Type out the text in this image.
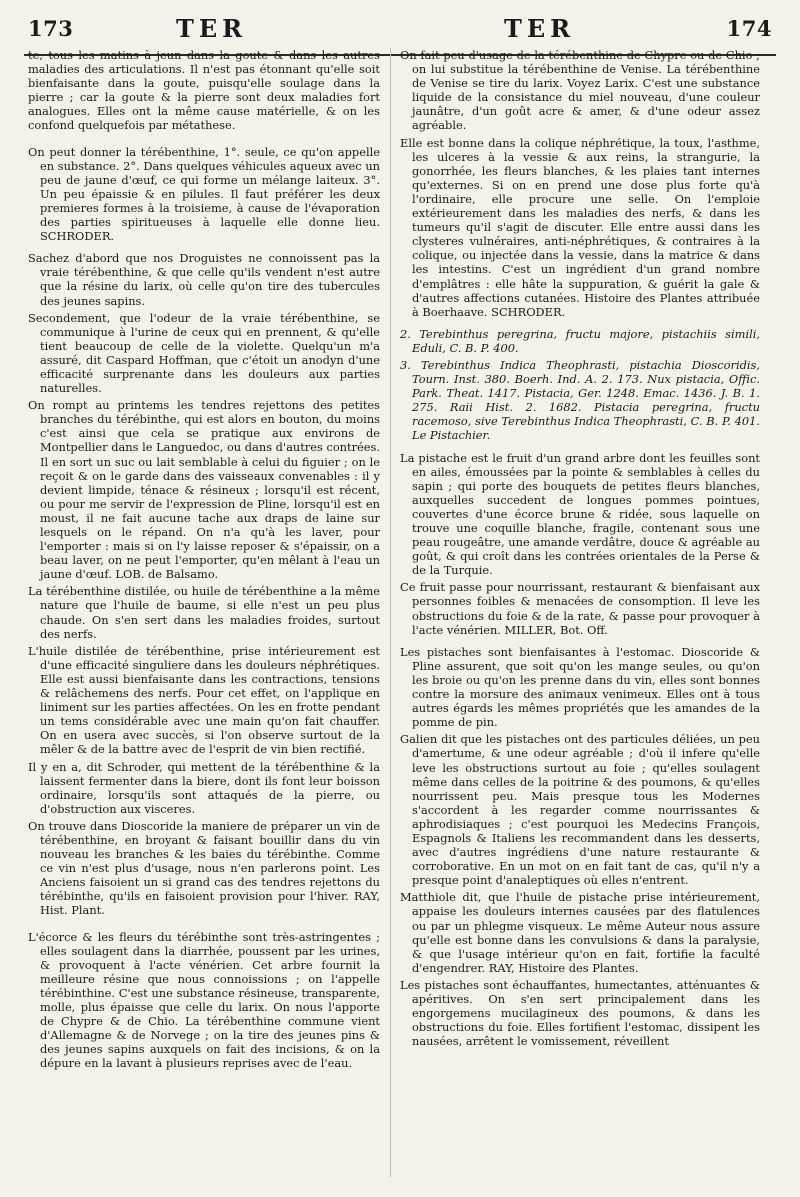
173	TER	TER	174

te, tous les matins à jeun dans la goute & dans les autres maladies des articulations. Il n'est pas étonnant qu'elle soit bienfaisante dans la goute, puisqu'elle soulage dans la pierre ; car la goute & la pierre sont deux maladies fort analogues. Elles ont la même cause matérielle, & on les confond quelquefois par métathese.

On peut donner la térébenthine, 1°. seule, ce qu'on appelle en substance. 2°. Dans quelques véhicules aqueux avec un peu de jaune d'œuf, ce qui forme un mélange laiteux. 3°. Un peu épaissie & en pilules. Il faut préférer les deux premieres formes à la troisieme, à cause de l'évaporation des parties spiritueuses à laquelle elle donne lieu. SCHRODER.

Sachez d'abord que nos Droguistes ne connoissent pas la vraie térébenthine, & que celle qu'ils vendent n'est autre que la résine du larix, où celle qu'on tire des tubercules des jeunes sapins.

Secondement, que l'odeur de la vraie térébenthine, se communique à l'urine de ceux qui en prennent, & qu'elle tient beaucoup de celle de la violette. Quelqu'un m'a assuré, dit Caspard Hoffman, que c'étoit un anodyn d'une efficacité surprenante dans les douleurs aux parties naturelles.

On rompt au printems les tendres rejettons des petites branches du térébinthe, qui est alors en bouton, du moins c'est ainsi que cela se pratique aux environs de Montpellier dans le Languedoc, ou dans d'autres contrées. Il en sort un suc ou lait semblable à celui du figuier ; on le reçoit & on le garde dans des vaisseaux convenables : il y devient limpide, ténace & résineux ; lorsqu'il est récent, ou pour me servir de l'expression de Pline, lorsqu'il est en moust, il ne fait aucune tache aux draps de laine sur lesquels on le répand. On n'a qu'à les laver, pour l'emporter : mais si on l'y laisse reposer & s'épaissir, on a beau laver, on ne peut l'emporter, qu'en mêlant à l'eau un jaune d'œuf. LOB. de Balsamo.

La térébenthine distilée, ou huile de térébenthine a la même nature que l'huile de baume, si elle n'est un peu plus chaude. On s'en sert dans les maladies froides, surtout des nerfs.

L'huile distilée de térébenthine, prise intérieurement est d'une efficacité singuliere dans les douleurs néphrétiques. Elle est aussi bienfaisante dans les contractions, tensions & relâchemens des nerfs. Pour cet effet, on l'applique en liniment sur les parties affectées. On les en frotte pendant un tems considérable avec une main qu'on fait chauffer. On en usera avec succès, si l'on observe surtout de la mêler & de la battre avec de l'esprit de vin bien rectifié.

Il y en a, dit Schroder, qui mettent de la térébenthine & la laissent fermenter dans la biere, dont ils font leur boisson ordinaire, lorsqu'ils sont attaqués de la pierre, ou d'obstruction aux visceres.

On trouve dans Dioscoride la maniere de préparer un vin de térébenthine, en broyant & faisant bouillir dans du vin nouveau les branches & les baies du térébinthe. Comme ce vin n'est plus d'usage, nous n'en parlerons point. Les Anciens faisoient un si grand cas des tendres rejettons du térébinthe, qu'ils en faisoient provision pour l'hiver. RAY, Hist. Plant.

L'écorce & les fleurs du térébinthe sont très-astringentes ; elles soulagent dans la diarrhée, poussent par les urines, & provoquent à l'acte vénérien. Cet arbre fournit la meilleure résine que nous connoissions ; on l'appelle térébinthine. C'est une substance résineuse, transparente, molle, plus épaisse que celle du larix. On nous l'apporte de Chypre & de Chio. La térébenthine commune vient d'Allemagne & de Norvege ; on la tire des jeunes pins & des jeunes sapins auxquels on fait des incisions, & on la dépure en la lavant à plusieurs reprises avec de l'eau.

On fait peu d'usage de la térébenthine de Chypre ou de Chio ; on lui substitue la térébenthine de Venise. La térébenthine de Venise se tire du larix. Voyez Larix. C'est une substance liquide de la consistance du miel nouveau, d'une couleur jaunâtre, d'un goût acre & amer, & d'une odeur assez agréable.

Elle est bonne dans la colique néphrétique, la toux, l'asthme, les ulceres à la vessie & aux reins, la strangurie, la gonorrhée, les fleurs blanches, & les plaies tant internes qu'externes. Si on en prend une dose plus forte qu'à l'ordinaire, elle procure une selle. On l'emploie extérieurement dans les maladies des nerfs, & dans les tumeurs qu'il s'agit de discuter. Elle entre aussi dans les clysteres vulnéraires, anti-néphrétiques, & contraires à la colique, ou injectée dans la vessie, dans la matrice & dans les intestins. C'est un ingrédient d'un grand nombre d'emplâtres : elle hâte la suppuration, & guérit la gale & d'autres affections cutanées. Histoire des Plantes attribuée à Boerhaave. SCHRODER.

2. Terebinthus peregrina, fructu majore, pistachiis simili, Eduli, C. B. P. 400.

3. Terebinthus Indica Theophrasti, pistachia Dioscoridis, Tourn. Inst. 380. Boerh. Ind. A. 2. 173. Nux pistacia, Offic. Park. Theat. 1417. Pistacia, Ger. 1248. Emac. 1436. J. B. 1. 275. Raii Hist. 2. 1682. Pistacia peregrina, fructu racemoso, sive Terebinthus Indica Theophrasti, C. B. P. 401. Le Pistachier.

La pistache est le fruit d'un grand arbre dont les feuilles sont en ailes, émoussées par la pointe & semblables à celles du sapin ; qui porte des bouquets de petites fleurs blanches, auxquelles succedent de longues pommes pointues, couvertes d'une écorce brune & ridée, sous laquelle on trouve une coquille blanche, fragile, contenant sous une peau rougeâtre, une amande verdâtre, douce & agréable au goût, & qui croît dans les contrées orientales de la Perse & de la Turquie.

Ce fruit passe pour nourrissant, restaurant & bienfaisant aux personnes foibles & menacées de consomption. Il leve les obstructions du foie & de la rate, & passe pour provoquer à l'acte vénérien. MILLER, Bot. Off.

Les pistaches sont bienfaisantes à l'estomac. Dioscoride & Pline assurent, que soit qu'on les mange seules, ou qu'on les broie ou qu'on les prenne dans du vin, elles sont bonnes contre la morsure des animaux venimeux. Elles ont à tous autres égards les mêmes propriétés que les amandes de la pomme de pin.

Galien dit que les pistaches ont des particules déliées, un peu d'amertume, & une odeur agréable ; d'où il infere qu'elle leve les obstructions surtout au foie ; qu'elles soulagent même dans celles de la poitrine & des poumons, & qu'elles nourrissent peu. Mais presque tous les Modernes s'accordent à les regarder comme nourrissantes & aphrodisiaques ; c'est pourquoi les Medecins François, Espagnols & Italiens les recommandent dans les desserts, avec d'autres ingrédiens d'une nature restaurante & corroborative. En un mot on en fait tant de cas, qu'il n'y a presque point d'analeptiques où elles n'entrent.

Matthiole dit, que l'huile de pistache prise intérieurement, appaise les douleurs internes causées par des flatulences ou par un phlegme visqueux. Le même Auteur nous assure qu'elle est bonne dans les convulsions & dans la paralysie, & que l'usage intérieur qu'on en fait, fortifie la faculté d'engendrer. RAY, Histoire des Plantes.

Les pistaches sont échauffantes, humectantes, atténuantes & apéritives. On s'en sert principalement dans les engorgemens mucilagineux des poumons, & dans les obstructions du foie. Elles fortifient l'estomac, dissipent les nausées, arrêtent le vomissement, réveillent
